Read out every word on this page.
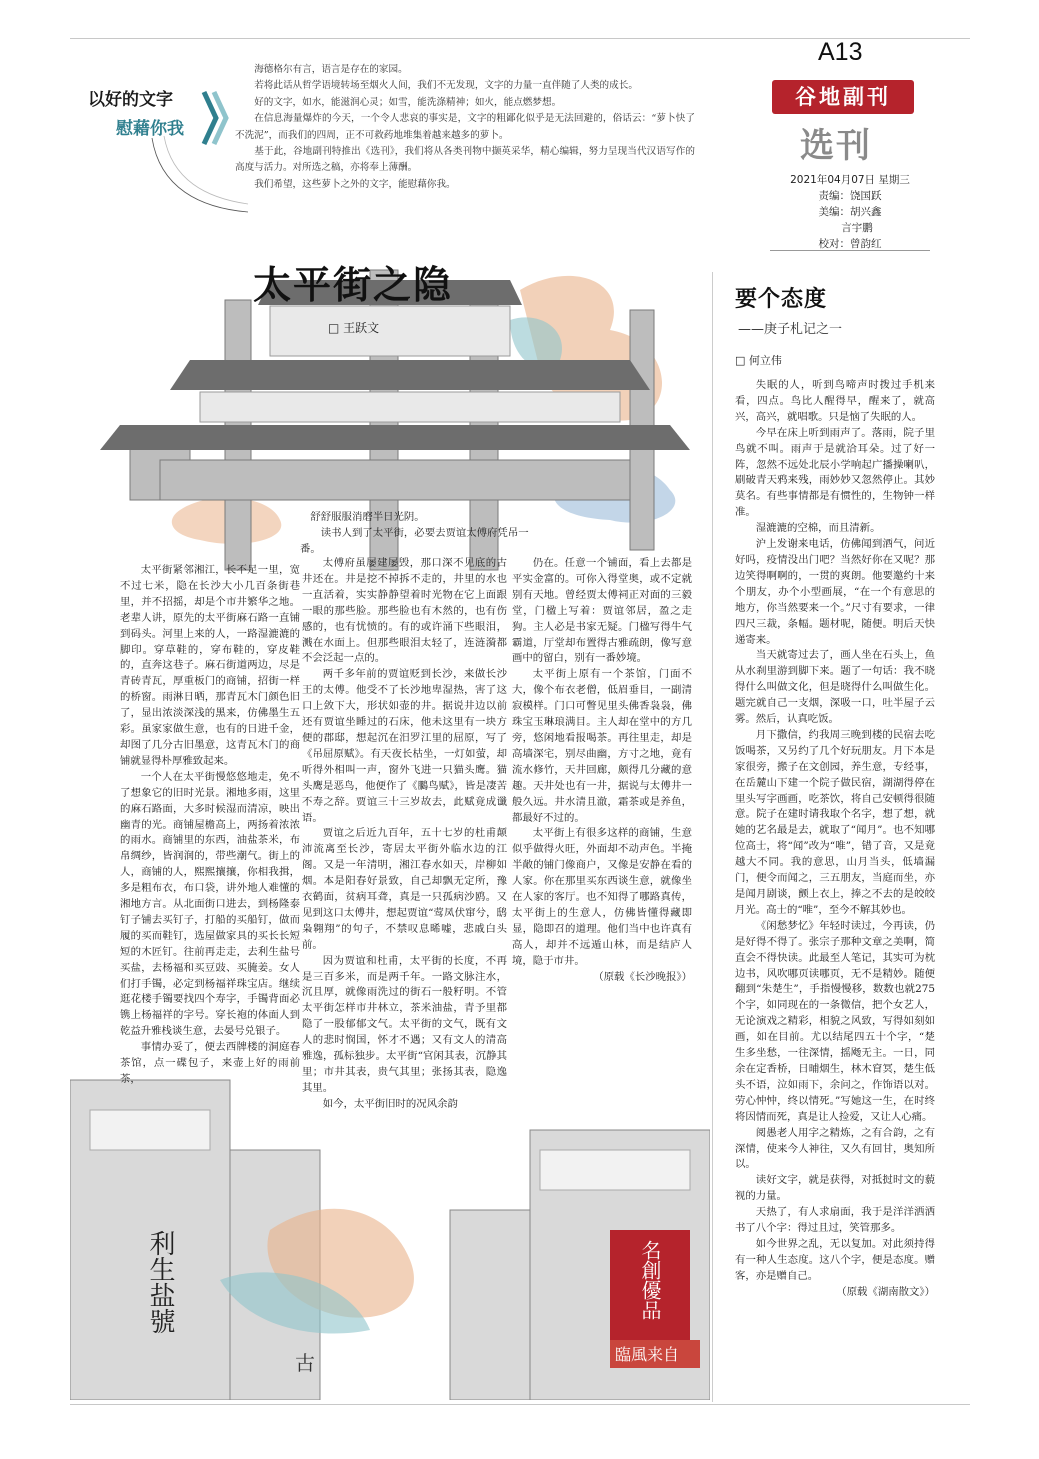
以好的文字
慰藉你我

海德格尔有言，语言是存在的家园。

若将此话从哲学语境转场至烟火人间，我们不无发现，文字的力量一直伴随了人类的成长。

好的文字，如水，能滋润心灵；如雪，能洗涤精神；如火，能点燃梦想。

在信息海量爆炸的今天，一个令人悲哀的事实是，文字的粗鄙化似乎是无法回避的，俗话云：“萝卜快了不洗泥”，而我们的四周，正不可救药地堆集着越来越多的萝卜。

基于此，谷地副刊特推出《选刊》，我们将从各类刊物中撷英采华，精心编辑，努力呈现当代汉语写作的高度与活力。对所选之稿，亦将奉上薄酬。

我们希望，这些萝卜之外的文字，能慰藉你我。

A13
谷地副刊
选刊
2021年04月07日 星期三
责编：饶国跃
美编：胡兴鑫
言宇鹏
校对：曾韵红
利生盐號	名創優品
臨風来自
古
太平街之隐
□ 王跃文
舒舒服服消磨半日光阴。
读书人到了太平街，必要去贾谊太傅府凭吊一番。

太平街紧邻湘江，长不足一里，宽不过七米，隐在长沙大小几百条街巷里，并不招摇，却是个市井繁华之地。老辈人讲，原先的太平街麻石路一直铺到码头。河里上来的人，一路湿漉漉的脚印。穿草鞋的，穿布鞋的，穿皮鞋的，直奔这巷子。麻石街道两边，尽是青砖青瓦，厚重板门的商铺，招街一样的桥窗。雨淋日晒，那青瓦木门颜色旧了，显出浓淡深浅的黑来，仿佛墨生五彩。虽家家做生意，也有的日进千金，却图了几分古旧墨意，这青瓦木门的商铺就显得朴厚雅致起来。

一个人在太平街慢悠悠地走，免不了想象它的旧时光景。湘地多雨，这里的麻石路面，大多时候湿而清凉，映出幽青的光。商铺屋檐高上，两扬着浓浓的雨水。商铺里的东西，油盐茶米，布帛绸纱，皆润润的，带些潮气。街上的人，商铺的人，熙熙攘攘，你相我揖，多是粗布衣，布口袋，讲外地人难懂的湘地方言。从北面街口进去，到杨隆泰钉子铺去买钉子，打船的买船钉，做而履的买而鞋钉，选屋做家具的买长长短短的木匠钉。往前再走走，去利生盐号买盐，去杨福和买豆豉、买腌姜。女人们打手镯，必定到杨福祥珠宝店。继续逛花楼手镯要找四个寿字，手镯背面必镌上杨福祥的字号。穿长袍的体面人到乾益升雅栈谈生意，去晏号兑银子。

事情办妥了，便去西牌楼的洞庭春茶馆，点一碟包子，来壶上好的雨前茶，

太傅府虽屡建屡毁，那口深不见底的古井还在。井是挖不掉拆不走的，井里的水也一直活着，实实静静望着时光物在它上面跟一眼的那些脸。那些脸也有木然的，也有伤感的，也有忧愤的。有的或许涌下些眼泪，溅在水面上。但那些眼泪太轻了，连涟漪都不会泛起一点的。

两千多年前的贾谊贬到长沙，来做长沙王的太傅。他受不了长沙地卑湿热，害了这口上敛下大，形状如壶的井。据说井边以前还有贾谊坐睡过的石床，他未这里有一块方便的郡邸，想起沉在汨罗江里的屈原，写了《吊屈原赋》。有天夜长枯坐，一灯如萤，却听得外相叫一声，窗外飞进一只猫头鹰。猫头鹰是恶鸟，他便作了《鵩鸟赋》，皆是凄苦不寿之辞。贾谊三十三岁故去，此赋竟成谶语。

贾谊之后近九百年，五十七岁的杜甫颠沛流离至长沙，寄居太平街外临水边的江阁。又是一年清明，湘江春水如天，岸柳如烟。本是阳春好景致，自己却飘无定所，豫衣鹤面，贫病耳聋，真是一只孤病沙鸥。又见到这口太傅井，想起贾谊“莺凤伏窜兮，鸱枭翱翔”的句子，不禁叹息晞嘘，悲戚白头前。

因为贾谊和杜甫，太平街的长度，不再是三百多米，而是两千年。一路文脉注水，沉且厚，就像雨洗过的街石一般籽明。不管太平街怎样市井林立，茶米油盐，青予里都隐了一股郁郁文气。太平街的文气，既有文人的悲时悯国，怀才不遇；又有文人的清高雅逸，孤标独步。太平街“官闲其表，沉静其里；市井其表，贵气其里；张扬其表，隐逸其里。

如今，太平街旧时的况风余韵

仍在。任意一个铺面，看上去都是平实金富的。可你入得堂奥，或不定就别有天地。曾经贾太傅祠正对面的三毅堂，门楹上写着：贾谊邻居，盈之走狗。主人必是书家无疑。门楹写得牛气霸道，厅堂却布置得古雅疏朗，像写意画中的留白，别有一番妙境。

太平街上原有一个茶馆，门面不大，像个布衣老僧，低眉垂目，一副清寂模样。门口可瞥见里头佛香袅袅，佛珠宝玉琳琅满目。主人却在堂中的方几旁，悠闲地看报喝茶。再往里走，却是高墙深宅，别尽曲幽，方寸之地，竟有流水修竹，天井回廊，颇得几分藏的意趣。天井处也有一井，据说与太傅井一般久远。井水清且澈，霜茶或是养鱼，都最好不过的。

太平街上有很多这样的商铺，生意似乎做得火旺，外面却不动声色。半掩半敞的铺门像商户，又像是安静在看的人家。你在那里买东西谈生意，就像坐在人家的客厅。也不知得了哪路真传，太平街上的生意人，仿佛皆懂得藏即显，隐即召的道理。他们当中也许真有高人，却并不远遁山林，而是结庐人境，隐于市井。

（原载《长沙晚报》）

要个态度
——庚子札记之一
□ 何立伟

失眠的人，听到鸟啼声时拨过手机来看，四点。鸟比人醒得早，醒来了，就高兴，高兴，就唱歌。只是恼了失眠的人。

今早在床上听到雨声了。落雨，院子里鸟就不叫。雨声于是就洽耳朵。过了好一阵，忽然不远处北辰小学响起广播操喇叭，刷破青天鸦来残，雨妙妙又忽然停止。其妙莫名。有些事情都是有惯性的，生物钟一样准。

湿漉漉的空棉，而且清新。

沪上发谢来电话，仿佛闻到酒气，问近好吗，疫情没出门吧？当然好你在又呢？那边笑得啊啊的，一贯的爽朗。他要邀约十来个朋友，办个小型画展，“在一个有意思的地方，你当然要来一个。”尺寸有要求，一律四尺三裁，条幅。题材呢，随便。明后天快递寄来。

当天就寄过去了，画人坐在石头上，鱼从水刹里游到脚下来。题了一句话：我不晓得什么叫做文化，但是晓得什么叫做生化。题完就自己一支烟，深吸一口，吐半屋子云雾。然后，认真吃饭。

月下撒信，约我周三晚到楼的民宿去吃饭喝茶，又另约了几个好玩朋友。月下本是家很旁，搬子在文创园，养生意，专经事，在岳麓山下建一个院子做民宿，湖湖得停在里头写字画画，吃茶饮，将自己安顿得很随意。院子在建时请我取个名字，想了想，就她的艺名最是去，就取了“闻月”。也不知哪位高士，将“闻”改为“唯”，错了音，又是竟越大不同。我的意思，山月当头，低墙漏门，便令而闻之，三五朋友，当庭而坐，亦是闻月剧谈，颤上衣上，捧之不去的是皎皎月光。高士的“唯”，至今不解其妙也。

《闲愁梦忆》年轻时读过，今再读，仍是好得不得了。张宗子那种文章之美啊，简直会不得快读。此最至人笔记，其实可为枕边书，风吹哪页读哪页，无不是精妙。随便翻到“朱楚生”，手指慢慢移，数数也就275个字，如同现在的一条微信，把个女艺人，无论演戏之精彩，相貌之风致，写得如刻如画，如在目前。尤以结尾四五十个字，“楚生多坐愁，一往深情，摇飏无主。一日，同余在定香桥，日晡烟生，林木窅冥，楚生低头不语，泣如雨下，余问之，作饰语以对。劳心忡忡，终以情死。”写她这一生，在时终将因情而死，真是让人捡爱，又让人心痛。

阅愚老人用字之精炼，之有合韵，之有深情，使来今人神往，又久有回甘，奥知所以。

读好文字，就是获得，对抵挝时文的藐视的力量。

天热了，有人求扇面，我于是洋洋洒洒书了八个字：得过且过，笑管那多。

如今世界之乱，无以复加。对此须持得有一种人生态度。这八个字，便是态度。赠客，亦是赠自己。

（原载《湖南散文》）
